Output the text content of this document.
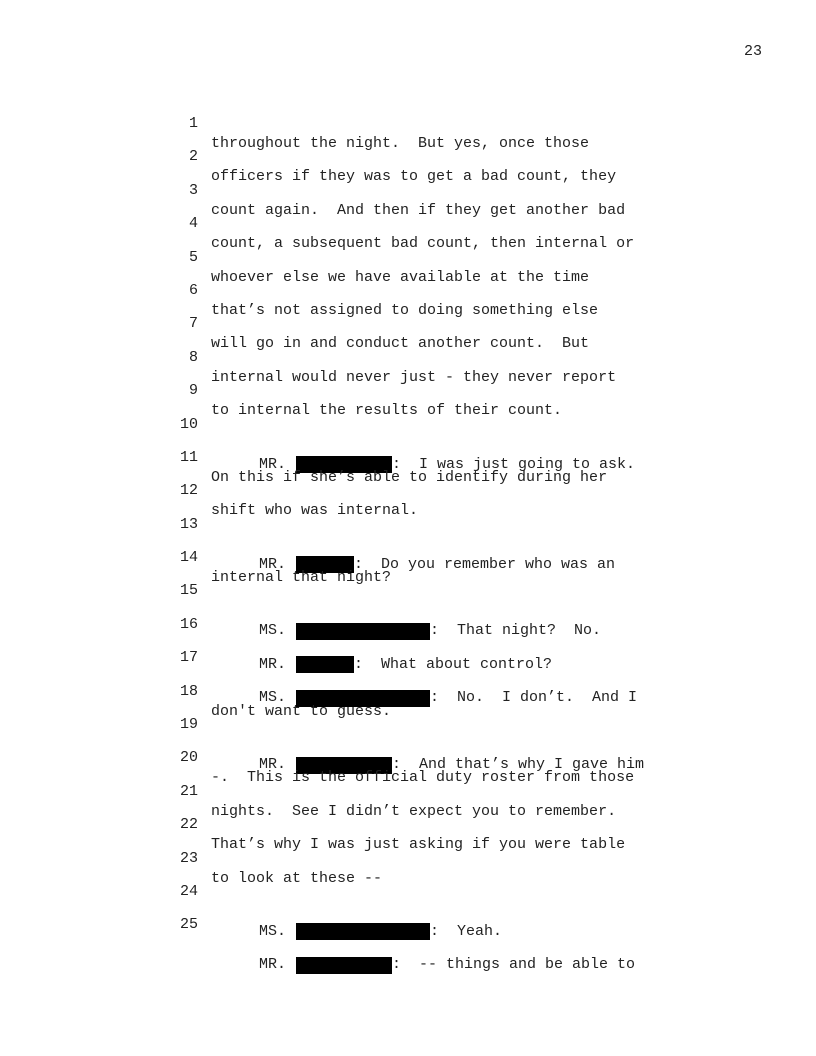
23

1

throughout the night.  But yes, once those

2

officers if they was to get a bad count, they

3

count again.  And then if they get another bad

4

count, a subsequent bad count, then internal or

5

whoever else we have available at the time

6

that’s not assigned to doing something else

7

will go in and conduct another count.  But

8

internal would never just - they never report

9

to internal the results of their count.

10

MR.	:  I was just going to ask.

11

On this if she’s able to identify during her

12

shift who was internal.

13

MR.	:  Do you remember who was an

14

internal that night?

15

MS.	:  That night?  No.

16

MR.	:  What about control?

17

MS.	:  No.  I don’t.  And I

18

don't want to guess.

19

MR.	:  And that’s why I gave him

20

-.  This is the official duty roster from those

21

nights.  See I didn’t expect you to remember.

22

That’s why I was just asking if you were table

23

to look at these --

24

MS.	:  Yeah.

25

MR.	:  -- things and be able to
